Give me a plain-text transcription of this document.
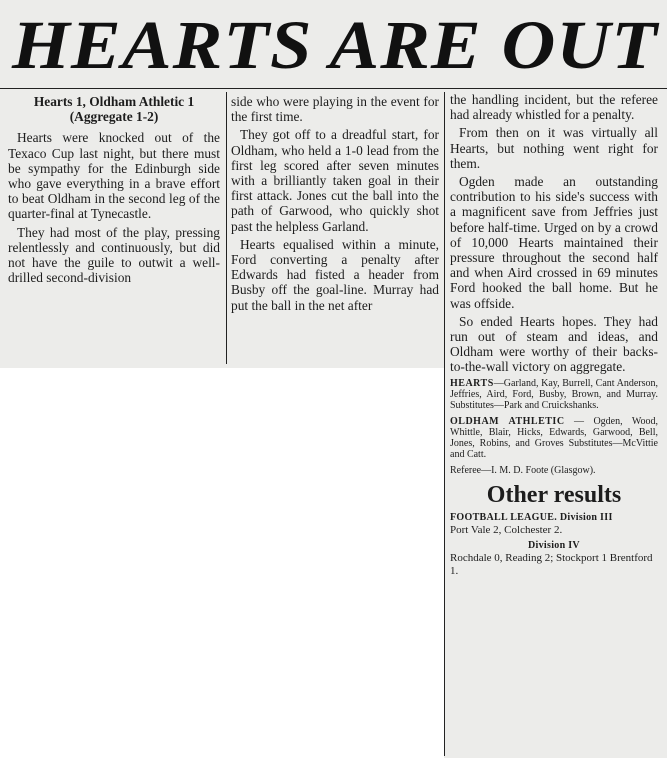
HEARTS ARE OUT

Hearts 1, Oldham Athletic 1
(Aggregate 1-2)

Hearts were knocked out of the Texaco Cup last night, but there must be sympathy for the Edinburgh side who gave everything in a brave effort to beat Oldham in the second leg of the quarter-final at Tynecastle.

They had most of the play, pressing relentlessly and continuously, but did not have the guile to outwit a well-drilled second-division

side who were playing in the event for the first time.

They got off to a dreadful start, for Oldham, who held a 1-0 lead from the first leg scored after seven minutes with a brilliantly taken goal in their first attack. Jones cut the ball into the path of Garwood, who quickly shot past the helpless Garland.

Hearts equalised within a minute, Ford converting a penalty after Edwards had fisted a header from Busby off the goal-line. Murray had put the ball in the net after

the handling incident, but the referee had already whistled for a penalty.

From then on it was virtually all Hearts, but nothing went right for them.

Ogden made an outstanding contribution to his side's success with a magnificent save from Jeffries just before half-time. Urged on by a crowd of 10,000 Hearts maintained their pressure throughout the second half and when Aird crossed in 69 minutes Ford hooked the ball home. But he was offside.

So ended Hearts hopes. They had run out of steam and ideas, and Oldham were worthy of their backs-to-the-wall victory on aggregate.

HEARTS—Garland, Kay, Burrell, Cant Anderson, Jeffries, Aird, Ford, Busby, Brown, and Murray. Substitutes—Park and Cruickshanks.

OLDHAM ATHLETIC — Ogden, Wood, Whittle, Blair, Hicks, Edwards, Garwood, Bell, Jones, Robins, and Groves Substitutes—McVittie and Catt.

Referee—I. M. D. Foote (Glasgow).

Other results

FOOTBALL LEAGUE. Division III

Port Vale 2, Colchester 2.

Division IV

Rochdale 0, Reading 2; Stockport 1 Brentford 1.
